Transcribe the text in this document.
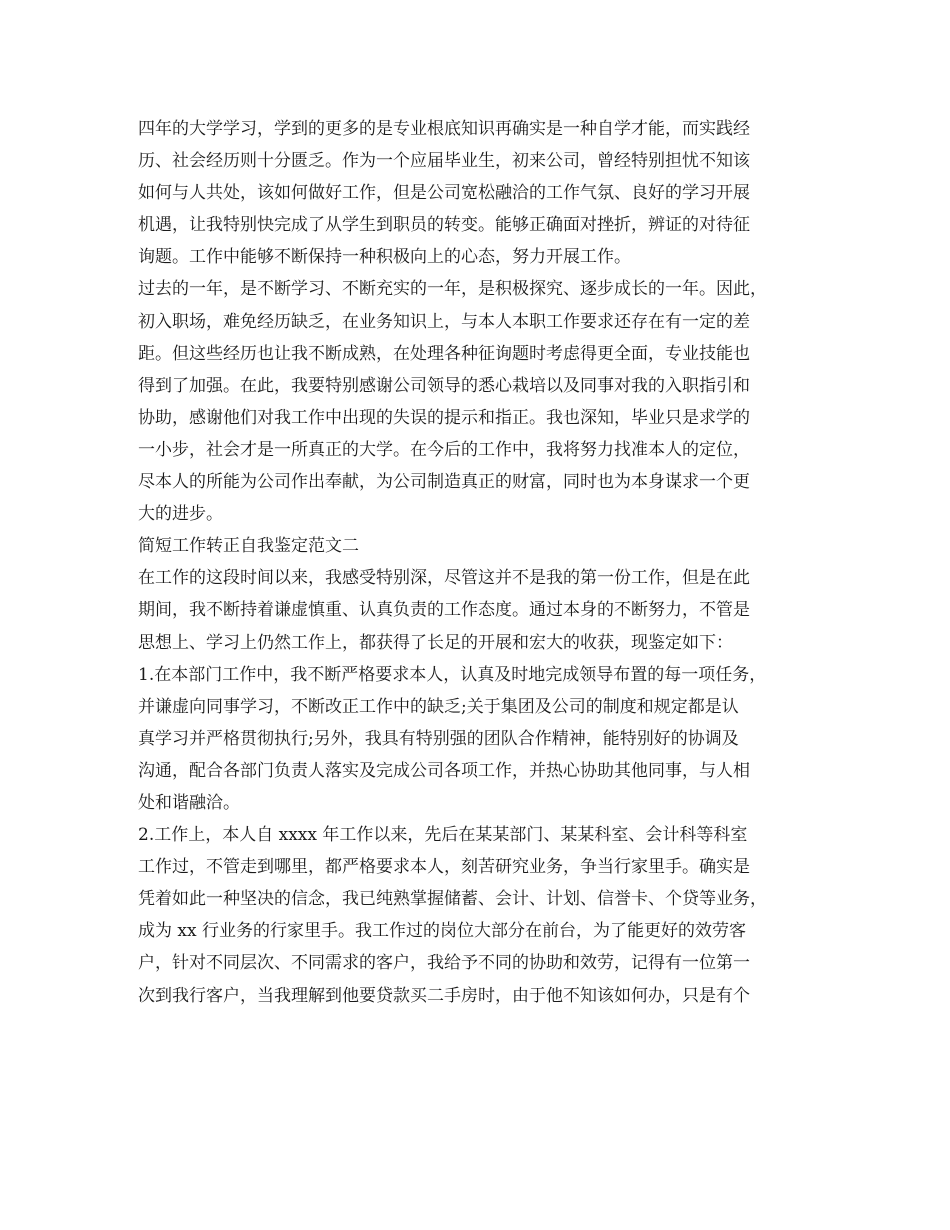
四年的大学学习，学到的更多的是专业根底知识再确实是一种自学才能，而实践经
历、社会经历则十分匮乏。作为一个应届毕业生，初来公司，曾经特别担忧不知该
如何与人共处，该如何做好工作，但是公司宽松融洽的工作气氛、良好的学习开展
机遇，让我特别快完成了从学生到职员的转变。能够正确面对挫折，辨证的对待征
询题。工作中能够不断保持一种积极向上的心态，努力开展工作。
过去的一年，是不断学习、不断充实的一年，是积极探究、逐步成长的一年。因此，
初入职场，难免经历缺乏，在业务知识上，与本人本职工作要求还存在有一定的差
距。但这些经历也让我不断成熟，在处理各种征询题时考虑得更全面，专业技能也
得到了加强。在此，我要特别感谢公司领导的悉心栽培以及同事对我的入职指引和
协助，感谢他们对我工作中出现的失误的提示和指正。我也深知，毕业只是求学的
一小步，社会才是一所真正的大学。在今后的工作中，我将努力找准本人的定位，
尽本人的所能为公司作出奉献，为公司制造真正的财富，同时也为本身谋求一个更
大的进步。
简短工作转正自我鉴定范文二
在工作的这段时间以来，我感受特别深，尽管这并不是我的第一份工作，但是在此
期间，我不断持着谦虚慎重、认真负责的工作态度。通过本身的不断努力，不管是
思想上、学习上仍然工作上，都获得了长足的开展和宏大的收获，现鉴定如下：
1.在本部门工作中，我不断严格要求本人，认真及时地完成领导布置的每一项任务，
并谦虚向同事学习，不断改正工作中的缺乏;关于集团及公司的制度和规定都是认
真学习并严格贯彻执行;另外，我具有特别强的团队合作精神，能特别好的协调及
沟通，配合各部门负责人落实及完成公司各项工作，并热心协助其他同事，与人相
处和谐融洽。
2.工作上，本人自 xxxx 年工作以来，先后在某某部门、某某科室、会计科等科室
工作过，不管走到哪里，都严格要求本人，刻苦研究业务，争当行家里手。确实是
凭着如此一种坚决的信念，我已纯熟掌握储蓄、会计、计划、信誉卡、个贷等业务，
成为 xx 行业务的行家里手。我工作过的岗位大部分在前台，为了能更好的效劳客
户，针对不同层次、不同需求的客户，我给予不同的协助和效劳，记得有一位第一
次到我行客户，当我理解到他要贷款买二手房时，由于他不知该如何办，只是有个
